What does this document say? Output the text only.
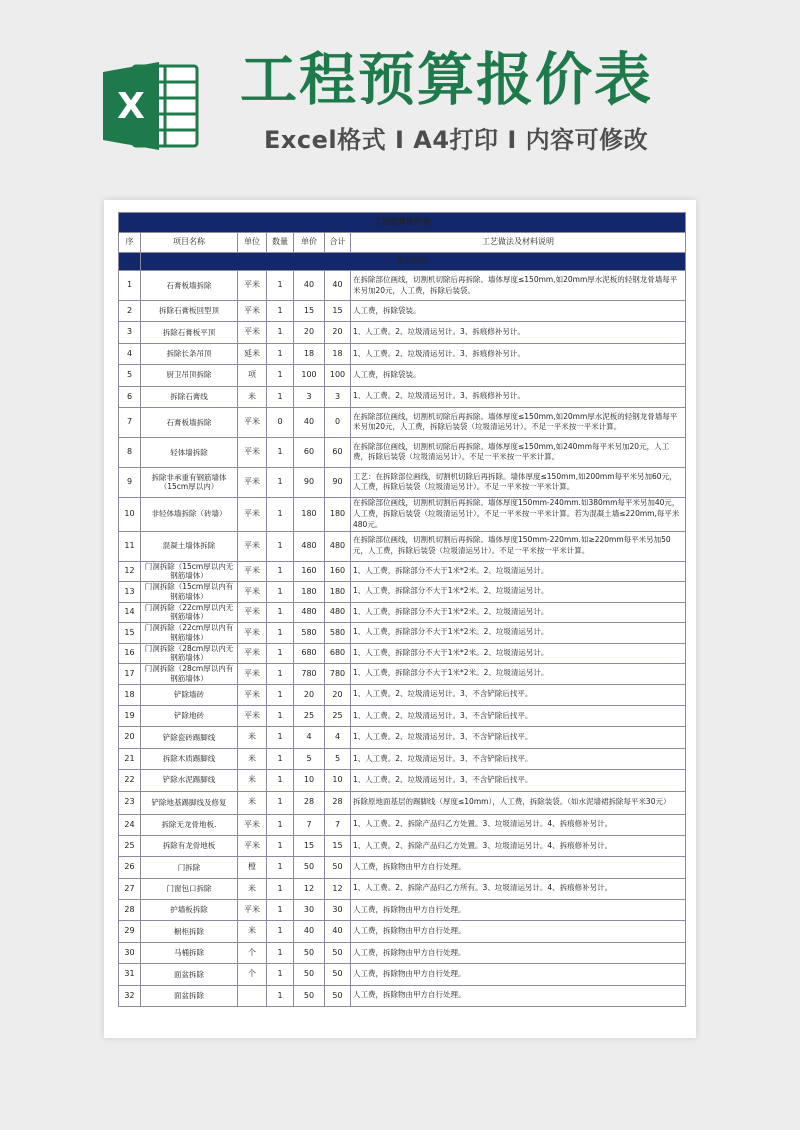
X 工程预算报价表
Excel格式 Ⅰ A4打印 Ⅰ 内容可修改
工程预算报价表						
序	项目名称	单位	数量	单价	合计	工艺做法及材料说明
一	拆除项目					
1	石膏板墙拆除	平米	1	40	40	在拆除部位画线，切割机切除后再拆除。墙体厚度≤150mm,如20mm厚水泥板的轻钢龙骨墙每平米另加20元，人工费，拆除后装袋。
2	拆除石膏板回型顶	平米	1	15	15	人工费，拆除袋装。
3	拆除石膏板平顶	平米	1	20	20	1、人工费。2、垃圾清运另计。3、拆痕修补另计。
4	拆除长条吊顶	延米	1	18	18	1、人工费。2、垃圾清运另计。3、拆痕修补另计。
5	厨卫吊顶拆除	项	1	100	100	人工费，拆除袋装。
6	拆除石膏线	米	1	3	3	1、人工费。2、垃圾清运另计。3、拆痕修补另计。
7	石膏板墙拆除	平米	0	40	0	在拆除部位画线，切割机切除后再拆除。墙体厚度≤150mm,如20mm厚水泥板的轻钢龙骨墙每平米另加20元，人工费，拆除后装袋（垃圾清运另计）。不足一平米按一平米计算。
8	轻体墙拆除	平米	1	60	60	在拆除部位画线，切割机切除后再拆除。墙体厚度≤150mm,如240mm每平米另加20元，人工费，拆除后装袋（垃圾清运另计）。不足一平米按一平米计算。
9	拆除非承重有钢筋墙体（15cm厚以内）	平米	1	90	90	工艺：在拆除部位画线，切割机切除后再拆除。墙体厚度≤150mm,如200mm每平米另加60元，人工费，拆除后装袋（垃圾清运另计）。不足一平米按一平米计算。
10	非轻体墙拆除（砖墙）	平米	1	180	180	在拆除部位画线，切割机切割后再拆除。墙体厚度150mm-240mm.如380mm每平米另加40元，人工费，拆除后装袋（垃圾清运另计）。不足一平米按一平米计算。若为混凝土墙≤220mm,每平米480元。
11	混凝土墙体拆除	平米	1	480	480	在拆除部位画线，切割机切割后再拆除。墙体厚度150mm-220mm.如≥220mm每平米另加50元，人工费，拆除后装袋（垃圾清运另计）。不足一平米按一平米计算。
12	门洞拆除（15cm厚以内无钢筋墙体）	平米	1	160	160	1、人工费，拆除部分不大于1米*2米。2、垃圾清运另计。
13	门洞拆除（15cm厚以内有钢筋墙体）	平米	1	180	180	1、人工费，拆除部分不大于1米*2米。2、垃圾清运另计。
14	门洞拆除（22cm厚以内无钢筋墙体）	平米	1	480	480	1、人工费，拆除部分不大于1米*2米。2、垃圾清运另计。
15	门洞拆除（22cm厚以内有钢筋墙体）	平米	1	580	580	1、人工费，拆除部分不大于1米*2米。2、垃圾清运另计。
16	门洞拆除（28cm厚以内无钢筋墙体）	平米	1	680	680	1、人工费，拆除部分不大于1米*2米。2、垃圾清运另计。
17	门洞拆除（28cm厚以内有钢筋墙体）	平米	1	780	780	1、人工费，拆除部分不大于1米*2米。2、垃圾清运另计。
18	铲除墙砖	平米	1	20	20	1、人工费。2、垃圾清运另计。3、不含铲除后找平。
19	铲除地砖	平米	1	25	25	1、人工费。2、垃圾清运另计。3、不含铲除后找平。
20	铲除瓷砖踢脚线	米	1	4	4	1、人工费。2、垃圾清运另计。3、不含铲除后找平。
21	拆除木质踢脚线	米	1	5	5	1、人工费。2、垃圾清运另计。3、不含铲除后找平。
22	铲除水泥踢脚线	米	1	10	10	1、人工费。2、垃圾清运另计。3、不含铲除后找平。
23	铲除地基踢脚线及修复	米	1	28	28	拆除原地面基层的踢脚线（厚度≤10mm），人工费，拆除装袋。（如水泥墙裙拆除每平米30元）
24	拆除无龙骨地板.	平米	1	7	7	1、人工费。2、拆除产品归乙方处置。3、垃圾清运另计。4、拆痕修补另计。
25	拆除有龙骨地板	平米	1	15	15	1、人工费。2、拆除产品归乙方处置。3、垃圾清运另计。4、拆痕修补另计。
26	门拆除	樘	1	50	50	人工费，拆除物由甲方自行处理。
27	门窗包口拆除	米	1	12	12	1、人工费。2、拆除产品归乙方所有。3、垃圾清运另计。4、拆痕修补另计。
28	护墙板拆除	平米	1	30	30	人工费，拆除物由甲方自行处理。
29	橱柜拆除	米	1	40	40	人工费，拆除物由甲方自行处理。
30	马桶拆除	个	1	50	50	人工费，拆除物由甲方自行处理。
31	面盆拆除	个	1	50	50	人工费，拆除物由甲方自行处理。
32	面盆拆除		1	50	50	人工费，拆除物由甲方自行处理。
